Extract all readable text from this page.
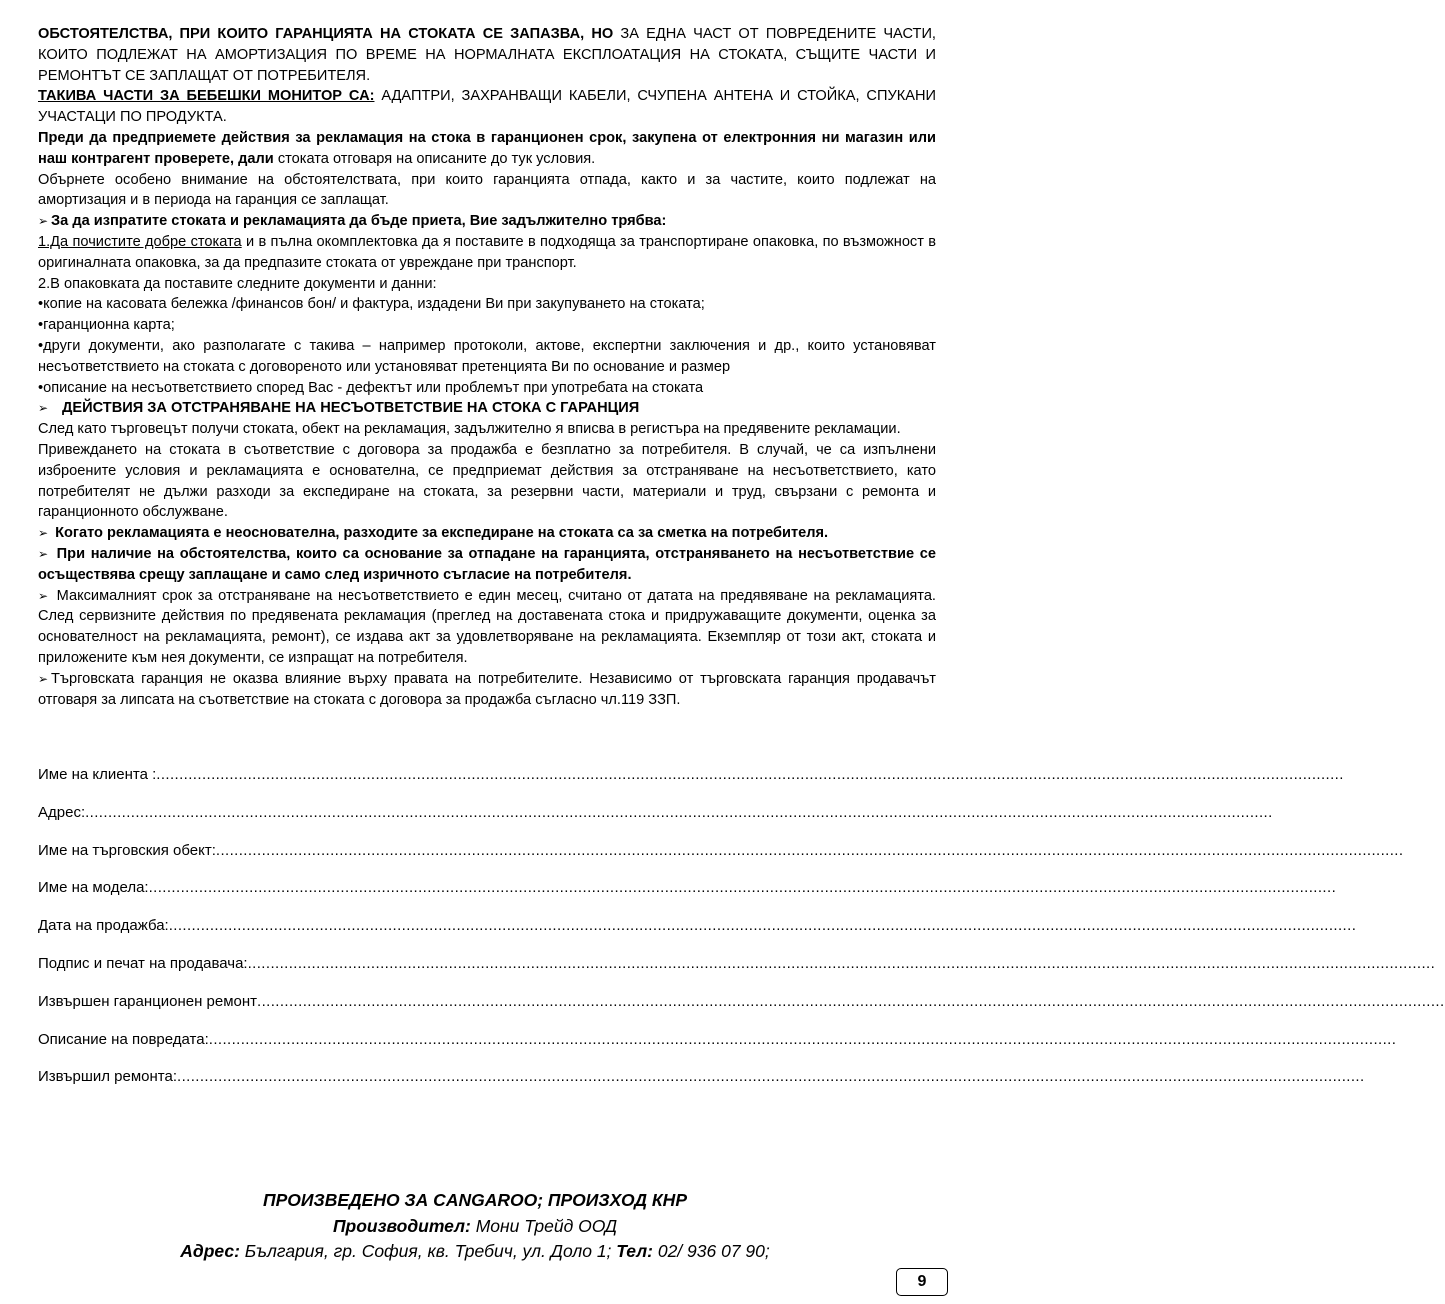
ОБСТОЯТЕЛСТВА, ПРИ КОИТО ГАРАНЦИЯТА НА СТОКАТА СЕ ЗАПАЗВА, НО ЗА ЕДНА ЧАСТ ОТ ПОВРЕДЕНИТЕ ЧАСТИ, КОИТО ПОДЛЕЖАТ НА АМОРТИЗАЦИЯ ПО ВРЕМЕ НА НОРМАЛНАТА ЕКСПЛОАТАЦИЯ НА СТОКАТА, СЪЩИТЕ ЧАСТИ И РЕМОНТЪТ СЕ ЗАПЛАЩАТ ОТ ПОТРЕБИТЕЛЯ.

ТАКИВА ЧАСТИ ЗА БЕБЕШКИ МОНИТОР СА: АДАПТРИ, ЗАХРАНВАЩИ КАБЕЛИ, СЧУПЕНА АНТЕНА И СТОЙКА, СПУКАНИ УЧАСТАЦИ ПО ПРОДУКТА.

Преди да предприемете действия за рекламация на стока в гаранционен срок, закупена от електронния ни магазин или наш контрагент проверете, дали стоката отговаря на описаните до тук условия.

Обърнете особено внимание на обстоятелствата, при които гаранцията отпада, както и за частите, които подлежат на амортизация и в периода на гаранция се заплащат.

➢ За да изпратите стоката и рекламацията да бъде приета, Вие задължително трябва:

1.Да почистите добре стоката и в пълна окомплектовка да я поставите в подходяща за транспортиране опаковка, по възможност в оригиналната опаковка, за да предпазите стоката от увреждане при транспорт.

2.В опаковката да поставите следните документи и данни:

•копие на касовата бележка /финансов бон/ и фактура, издадени Ви при закупуването на стоката;

•гаранционна карта;

•други документи, ако разполагате с такива – например протоколи, актове, експертни заключения и др., които установяват несъответствието на стоката с договореното или установяват претенцията Ви по основание и размер

•описание на несъответствието според Вас - дефектът или проблемът при употребата на стоката

➢ ДЕЙСТВИЯ ЗА ОТСТРАНЯВАНЕ НА НЕСЪОТВЕТСТВИЕ НА СТОКА С ГАРАНЦИЯ

След като търговецът получи стоката, обект на рекламация, задължително я вписва в регистъра на предявените рекламации.

Привеждането на стоката в съответствие с договора за продажба е безплатно за потребителя. В случай, че са изпълнени изброените условия и рекламацията е основателна, се предприемат действия за отстраняване на несъответствието, като потребителят не дължи разходи за експедиране на стоката, за резервни части, материали и труд, свързани с ремонта и гаранционното обслужване.

➢ Когато рекламацията е неоснователна, разходите за експедиране на стоката са за сметка на потребителя.

➢ При наличие на обстоятелства, които са основание за отпадане на гаранцията, отстраняването на несъответствие се осъществява срещу заплащане и само след изричното съгласие на потребителя.

➢ Максималният срок за отстраняване на несъответствието е един месец, считано от датата на предявяване на рекламацията. След сервизните действия по предявената рекламация (преглед на доставената стока и придружаващите документи, оценка за основателност на рекламацията, ремонт), се издава акт за удовлетворяване на рекламацията. Екземпляр от този акт, стоката и приложените към нея документи, се изпращат на потребителя.

➢ Търговската гаранция не оказва влияние върху правата на потребителите. Независимо от търговската гаранция продавачът отговаря за липсата на съответствие на стоката с договора за продажба съгласно чл.119 ЗЗП.

Име на клиента : ....................................................................................................................................................................................................................................................................
Адрес: ....................................................................................................................................................................................................................................................................
Име на търговския обект: ....................................................................................................................................................................................................................................................................
Име на модела: ....................................................................................................................................................................................................................................................................
Дата на продажба: ....................................................................................................................................................................................................................................................................
Подпис и печат на продавача: ....................................................................................................................................................................................................................................................................
Извършен гаранционен ремонт ....................................................................................................................................................................................................................................................................
Описание на повредата: ....................................................................................................................................................................................................................................................................
Извършил ремонта: ....................................................................................................................................................................................................................................................................

ПРОИЗВЕДЕНО ЗА CANGAROO; ПРОИЗХОД КНР

Производител: Мони Трейд ООД

Адрес: България, гр. София, кв. Требич, ул. Доло 1; Тел: 02/ 936 07 90;

9
